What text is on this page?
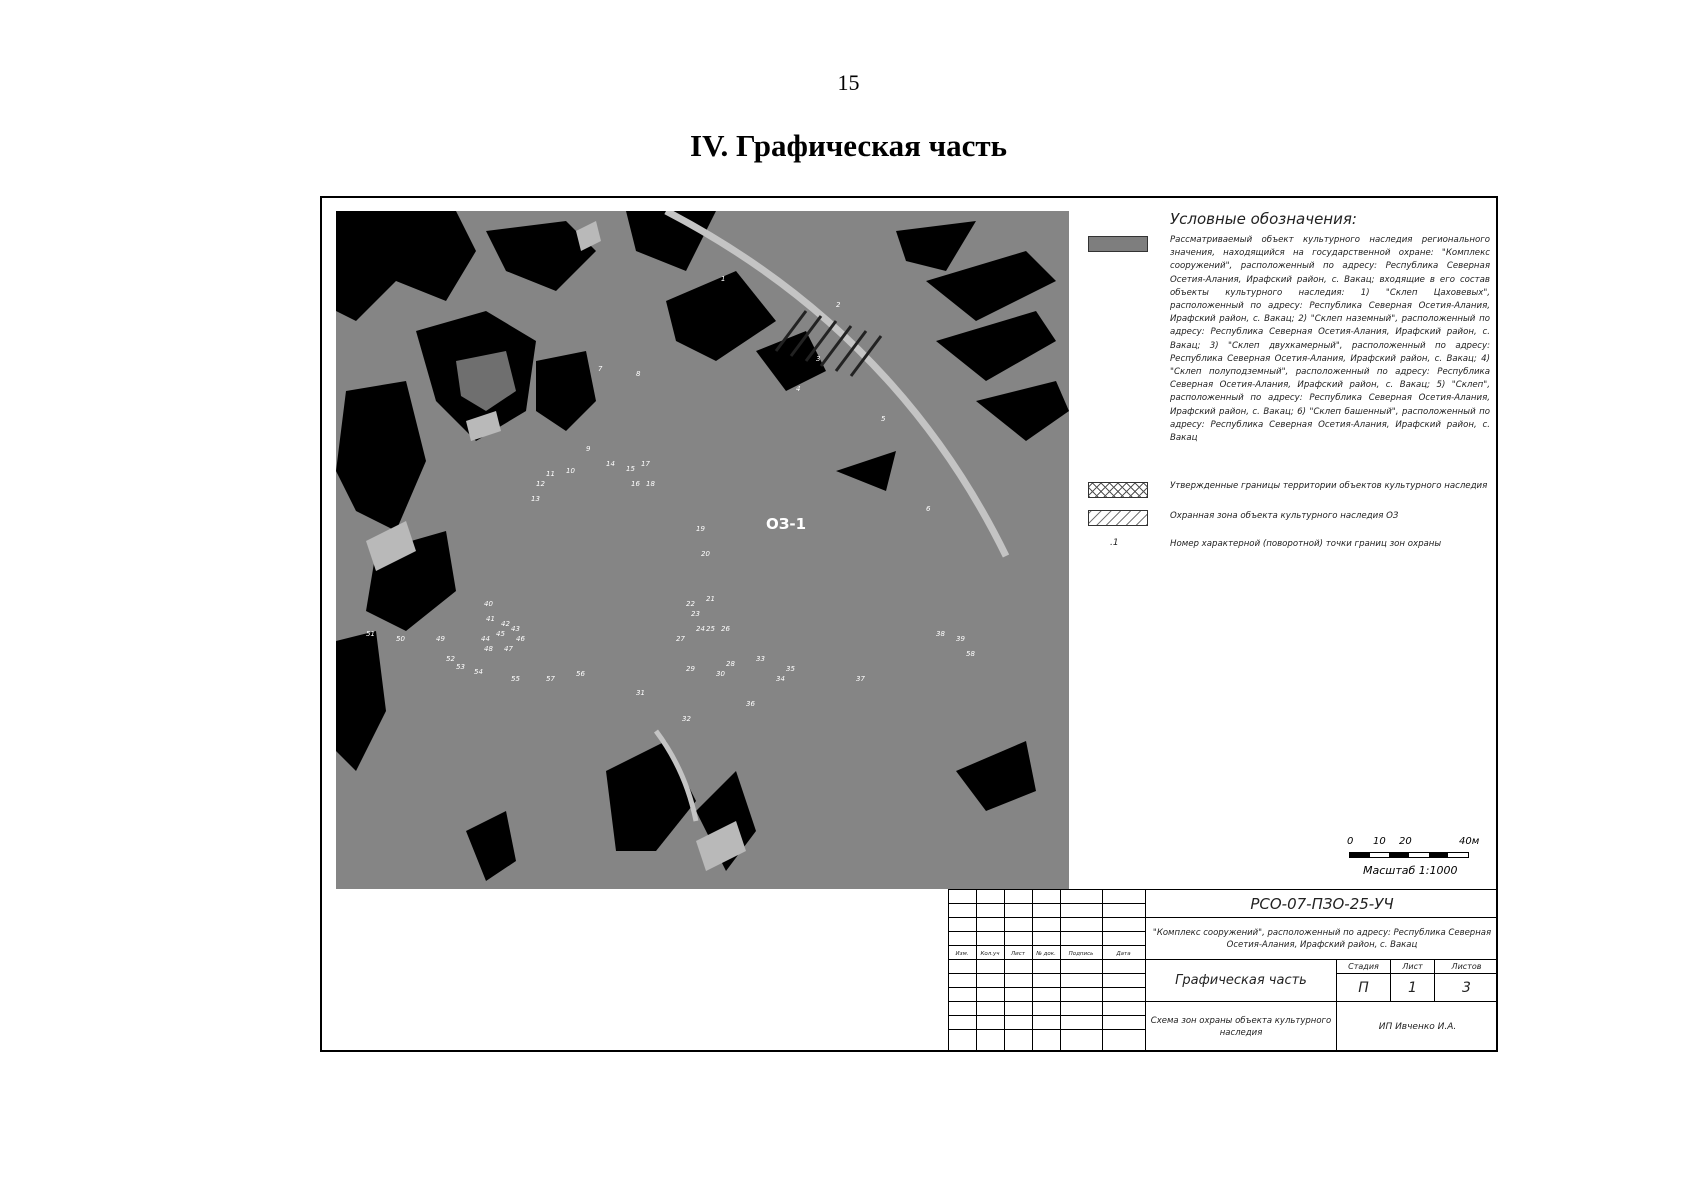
15
IV. Графическая часть
1
2
3
4
5
6
7
8
9
10
11
12
13
14
15
16
17
18
19
20
21
22
23
24 25 26
27
28
29
30
31
32
33
34
35
36
37
38
39
40
41
42
43
44
45
46
47
48
49
50
51
52
53
54
55
56
57
58
ОЗ-1
Условные обозначения:
Рассматриваемый объект культурного наследия регионального значения, находящийся на государственной охране: "Комплекс сооружений", расположенный по адресу: Республика Северная Осетия-Алания, Ирафский район, с. Вакац; входящие в его состав объекты культурного наследия: 1) "Склеп Цаховевых", расположенный по адресу: Республика Северная Осетия-Алания, Ирафский район, с. Вакац; 2) "Склеп наземный", расположенный по адресу: Республика Северная Осетия-Алания, Ирафский район, с. Вакац; 3) "Склеп двухкамерный", расположенный по адресу: Республика Северная Осетия-Алания, Ирафский район, с. Вакац; 4) "Склеп полуподземный", расположенный по адресу: Республика Северная Осетия-Алания, Ирафский район, с. Вакац; 5) "Склеп", расположенный по адресу: Республика Северная Осетия-Алания, Ирафский район, с. Вакац; 6) "Склеп башенный", расположенный по адресу: Республика Северная Осетия-Алания, Ирафский район, с. Вакац
Утвержденные границы территории объектов культурного наследия
Охранная зона объекта культурного наследия ОЗ
.1	Номер характерной (поворотной) точки границ зон охраны
0 10 20	40м
Масштаб 1:1000
Изм.	Кол.уч	Лист	№ док.	Подпись	Дата
РСО-07-ПЗО-25-УЧ
"Комплекс сооружений", расположенный по адресу: Республика Северная Осетия-Алания, Ирафский район, с. Вакац
Графическая часть
Стадия	Лист	Листов
П	1	3
Схема зон охраны объекта культурного наследия
ИП Ивченко И.А.
